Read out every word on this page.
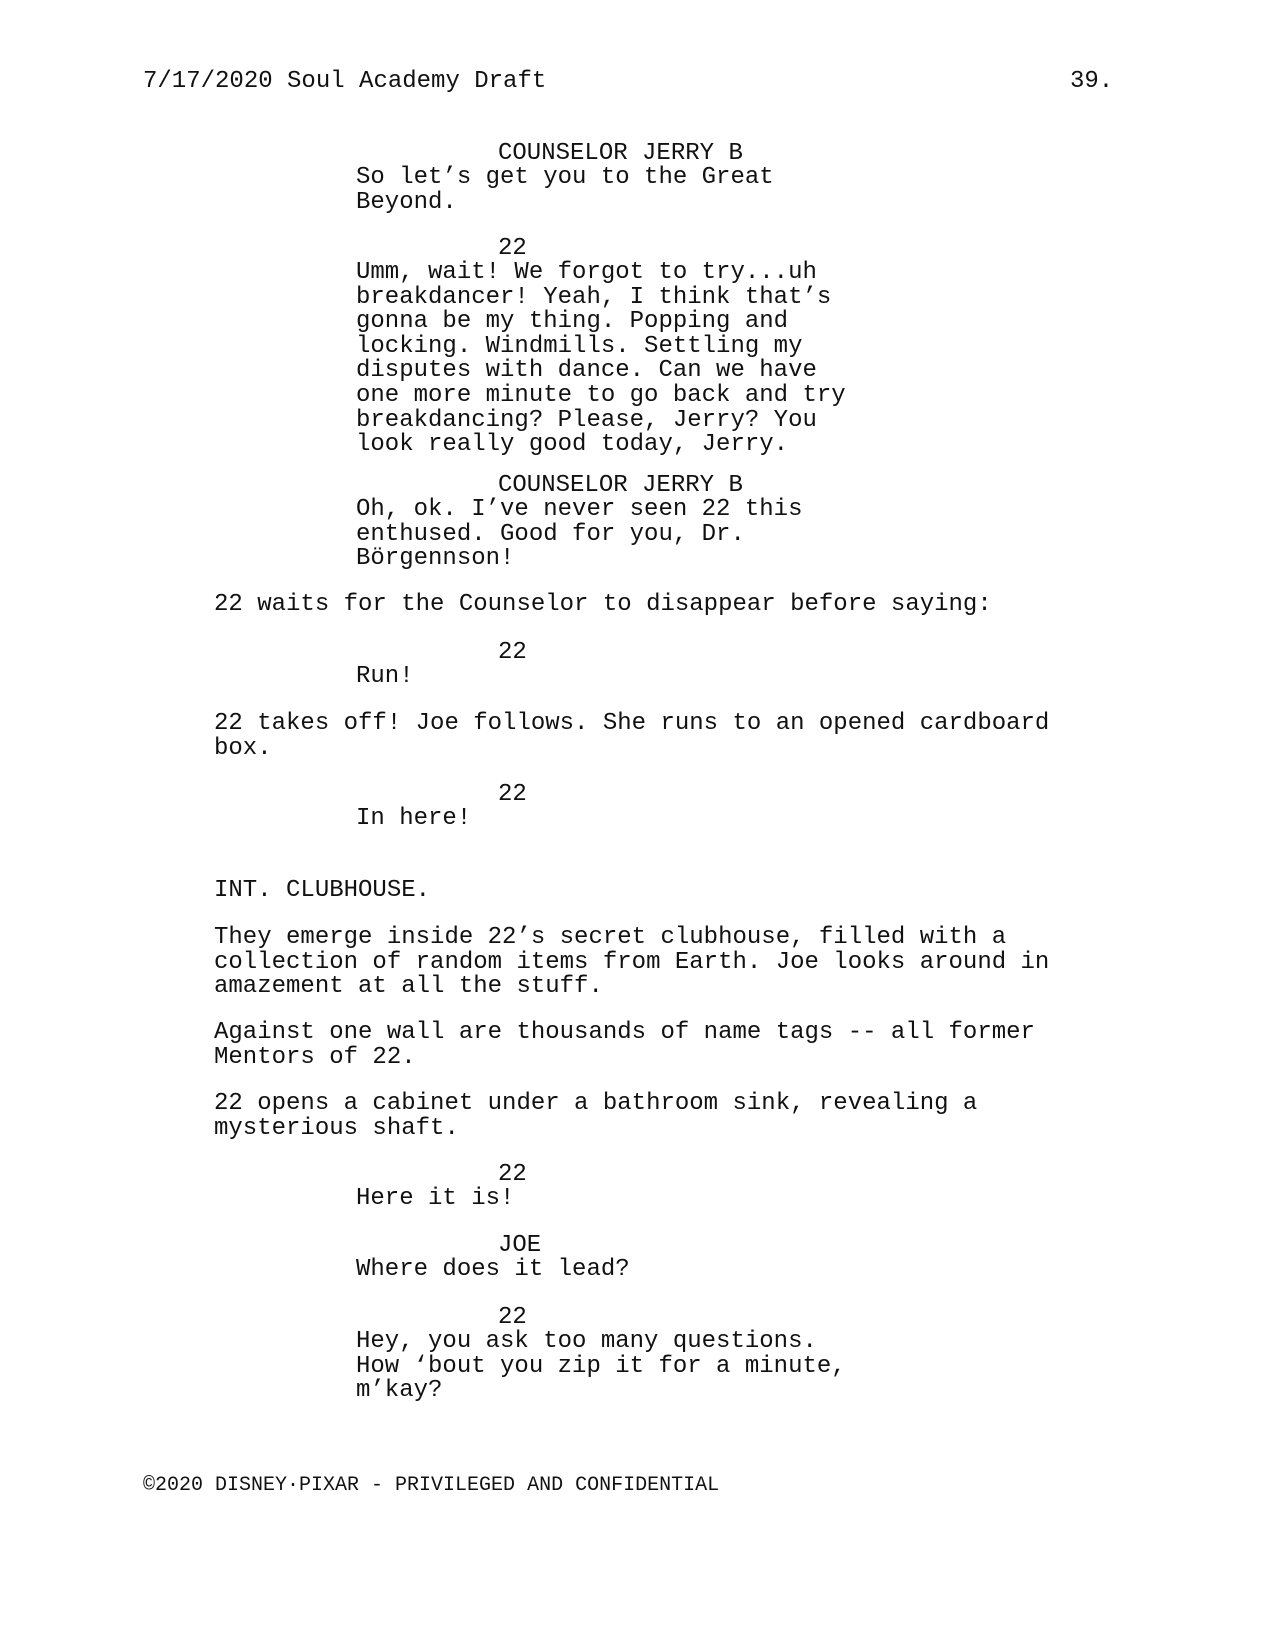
7/17/2020 Soul Academy Draft	39.
COUNSELOR JERRY B
So let’s get you to the Great
Beyond.
22
Umm, wait! We forgot to try...uh
breakdancer! Yeah, I think that’s
gonna be my thing. Popping and
locking. Windmills. Settling my
disputes with dance. Can we have
one more minute to go back and try
breakdancing? Please, Jerry? You
look really good today, Jerry.
COUNSELOR JERRY B
Oh, ok. I’ve never seen 22 this
enthused. Good for you, Dr.
Börgennson!
22 waits for the Counselor to disappear before saying:
22
Run!
22 takes off! Joe follows. She runs to an opened cardboard
box.
22
In here!
INT. CLUBHOUSE.
They emerge inside 22’s secret clubhouse, filled with a
collection of random items from Earth. Joe looks around in
amazement at all the stuff.
Against one wall are thousands of name tags -- all former
Mentors of 22.
22 opens a cabinet under a bathroom sink, revealing a
mysterious shaft.
22
Here it is!
JOE
Where does it lead?
22
Hey, you ask too many questions.
How ‘bout you zip it for a minute,
m’kay?
©2020 DISNEY·PIXAR - PRIVILEGED AND CONFIDENTIAL
